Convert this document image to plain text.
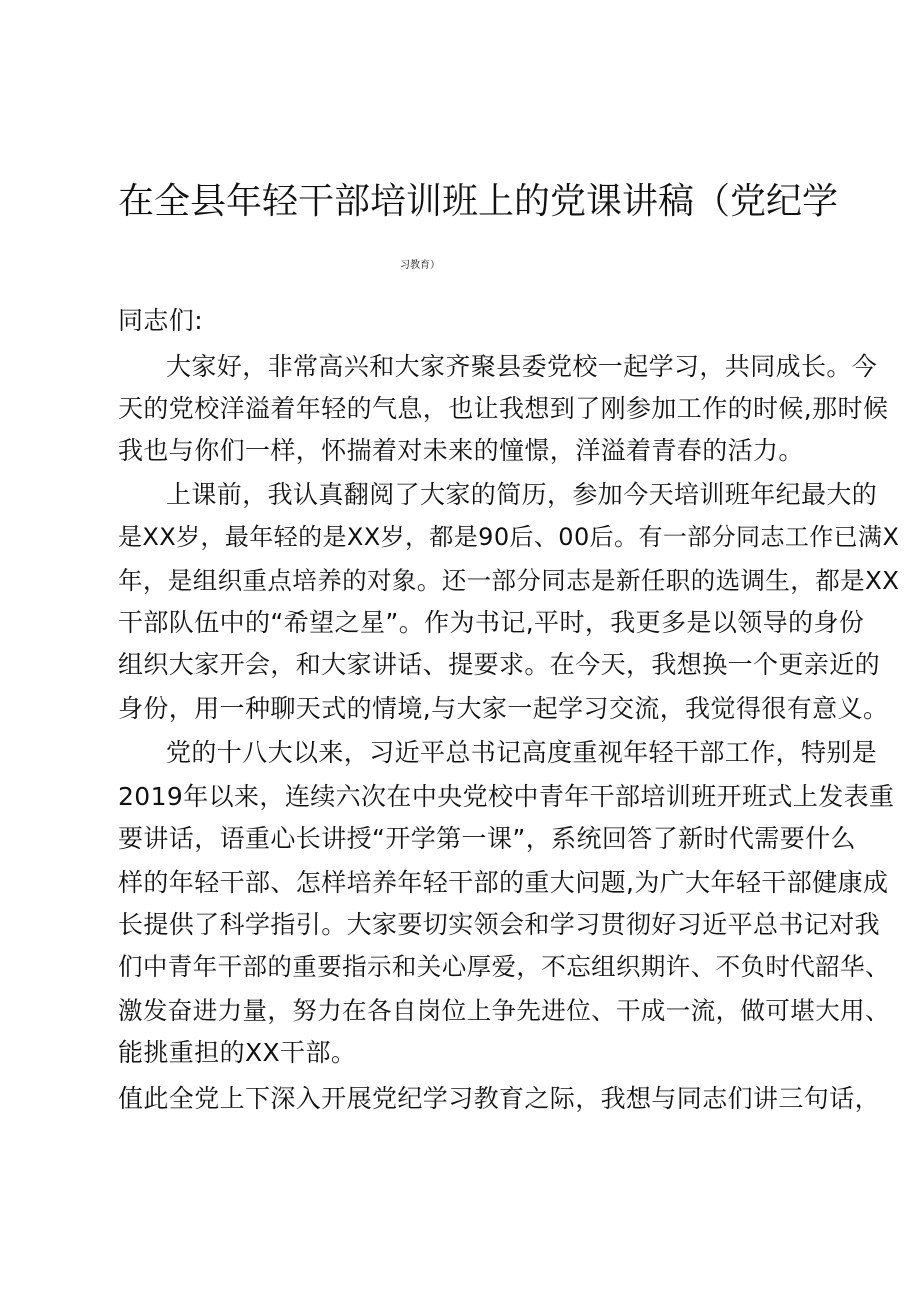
在全县年轻干部培训班上的党课讲稿（党纪学
习教育）
同志们:
大家好，非常高兴和大家齐聚县委党校一起学习，共同成长。今
天的党校洋溢着年轻的气息，也让我想到了刚参加工作的时候,那时候
我也与你们一样，怀揣着对未来的憧憬，洋溢着青春的活力。
上课前，我认真翻阅了大家的简历，参加今天培训班年纪最大的
是XX岁，最年轻的是XX岁，都是90后、00后。有一部分同志工作已满X
年，是组织重点培养的对象。还一部分同志是新任职的选调生，都是XX
干部队伍中的“希望之星”。作为书记,平时，我更多是以领导的身份
组织大家开会，和大家讲话、提要求。在今天，我想换一个更亲近的
身份，用一种聊天式的情境,与大家一起学习交流，我觉得很有意义。
党的十八大以来，习近平总书记高度重视年轻干部工作，特别是
2019年以来，连续六次在中央党校中青年干部培训班开班式上发表重
要讲话，语重心长讲授“开学第一课”，系统回答了新时代需要什么
样的年轻干部、怎样培养年轻干部的重大问题,为广大年轻干部健康成
长提供了科学指引。大家要切实领会和学习贯彻好习近平总书记对我
们中青年干部的重要指示和关心厚爱，不忘组织期许、不负时代韶华、
激发奋进力量，努力在各自岗位上争先进位、干成一流，做可堪大用、
能挑重担的XX干部。
值此全党上下深入开展党纪学习教育之际，我想与同志们讲三句话，
